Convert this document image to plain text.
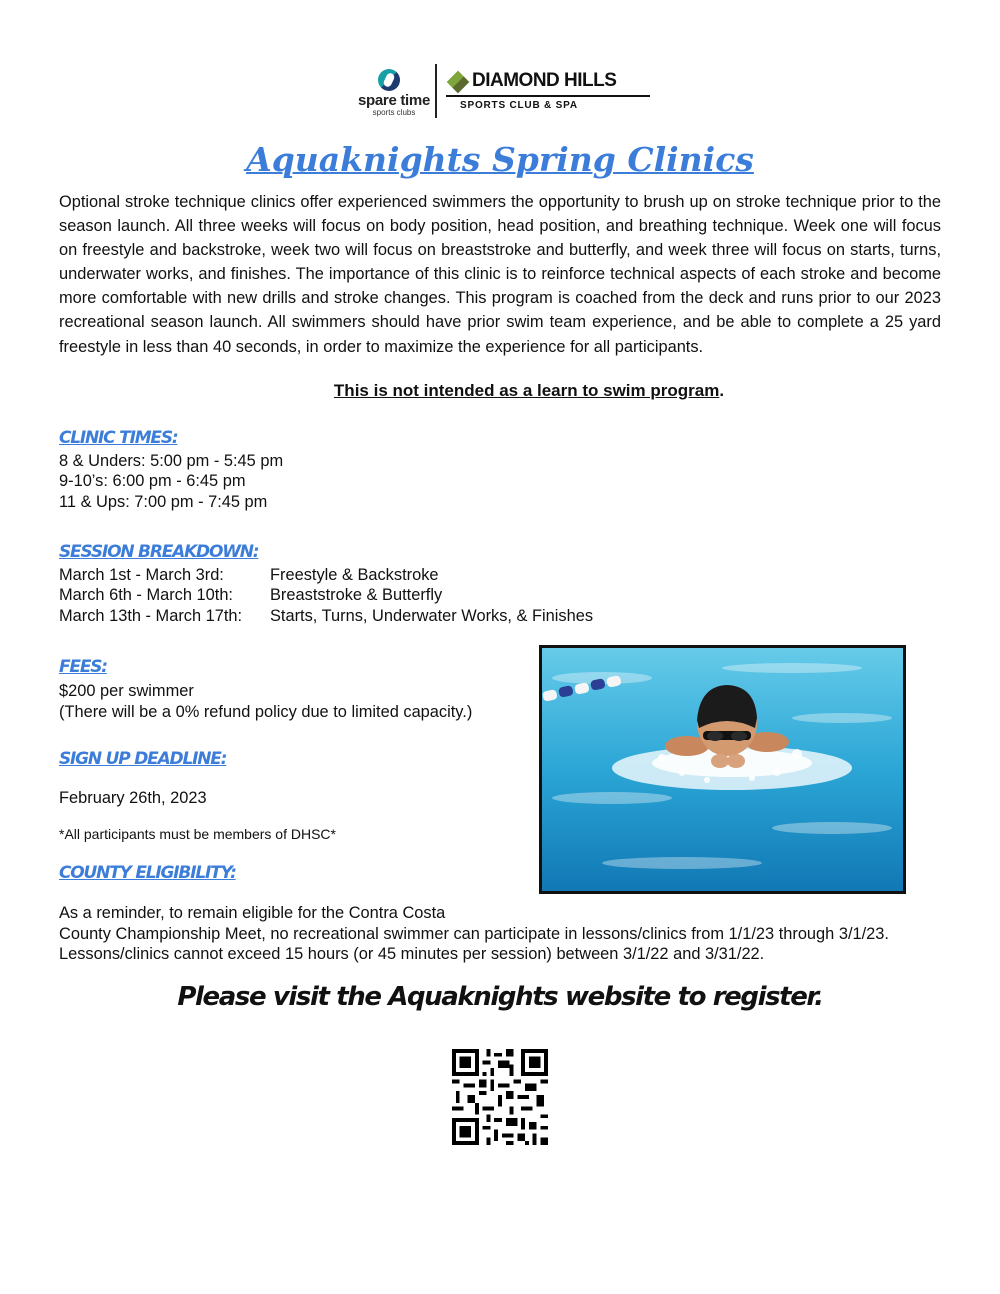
spare time
sports clubs
DIAMOND HILLS
SPORTS CLUB & SPA
Aquaknights Spring Clinics

Optional stroke technique clinics offer experienced swimmers the opportunity to brush up on stroke technique prior to the season launch. All three weeks will focus on body position, head position, and breathing technique. Week one will focus on freestyle and backstroke, week two will focus on breaststroke and butterfly, and week three will focus on starts, turns, underwater works, and finishes. The importance of this clinic is to reinforce technical aspects of each stroke and become more comfortable with new drills and stroke changes. This program is coached from the deck and runs prior to our 2023 recreational season launch. All swimmers should have prior swim team experience, and be able to complete a 25 yard freestyle in less than 40 seconds, in order to maximize the experience for all participants.

This is not intended as a learn to swim program.
CLINIC TIMES:
8 & Unders: 5:00 pm - 5:45 pm
9-10’s: 6:00 pm - 6:45 pm
11 & Ups: 7:00 pm - 7:45 pm
SESSION BREAKDOWN:
March 1st - March 3rd:	Freestyle & Backstroke
March 6th - March 10th: Breaststroke & Butterfly
March 13th - March 17th: Starts, Turns, Underwater Works, & Finishes
FEES:
$200 per swimmer
(There will be a 0% refund policy due to limited capacity.)
SIGN UP DEADLINE:
February 26th, 2023
*All participants must be members of DHSC*
COUNTY ELIGIBILITY:
As a reminder, to remain eligible for the Contra Costa
County Championship Meet, no recreational swimmer can participate in lessons/clinics from 1/1/23 through 3/1/23. Lessons/clinics cannot exceed 15 hours (or 45 minutes per session) between 3/1/22 and 3/31/22.
Please visit the Aquaknights website to register.
